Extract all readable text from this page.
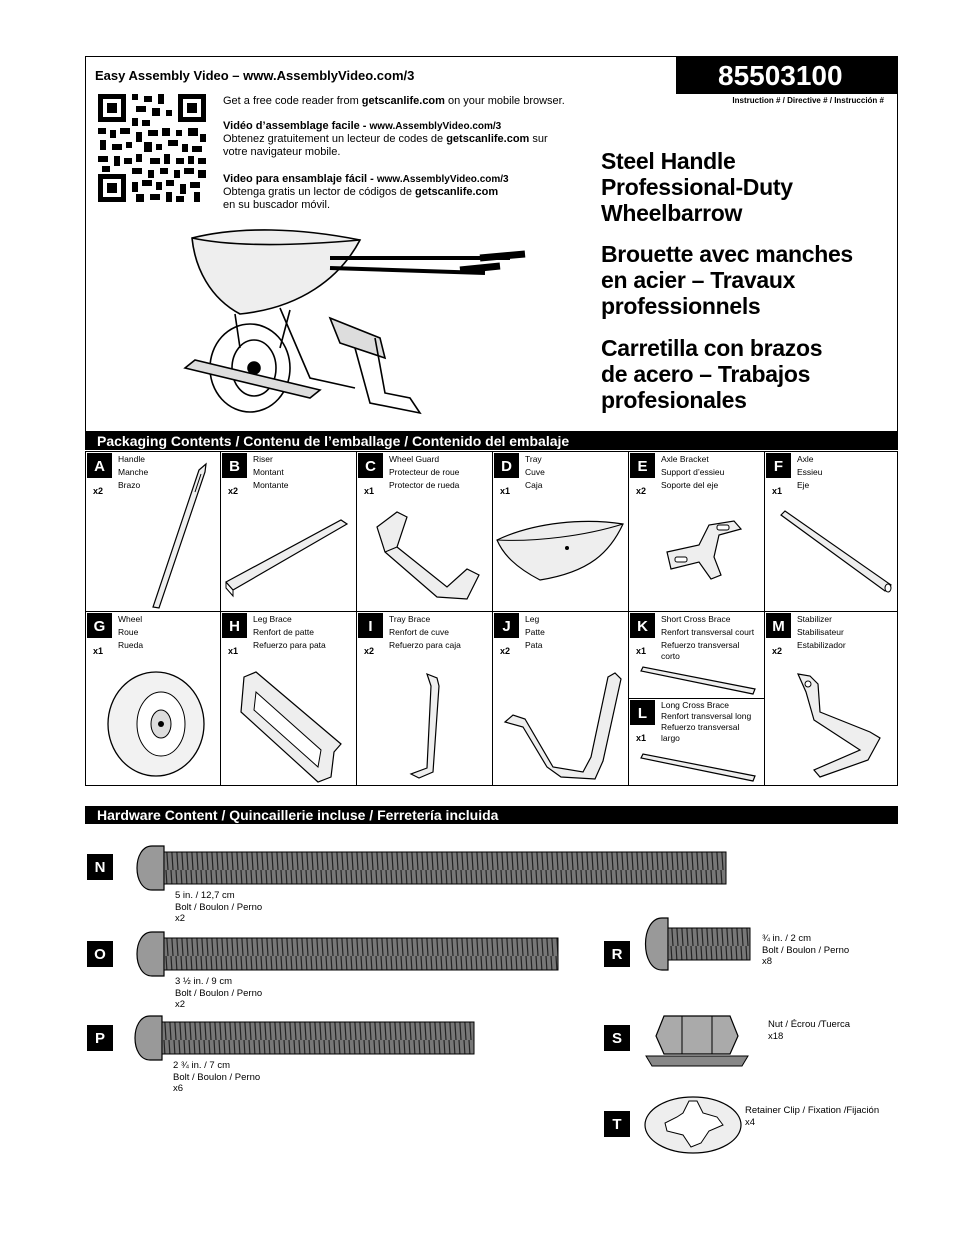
85503100
Instruction # / Directive # / Instrucción #
Easy Assembly Video – www.AssemblyVideo.com/3
Get a free code reader from getscanlife.com on your mobile browser.
Vidéo d’assemblage facile - www.AssemblyVideo.com/3
Obtenez gratuitement un lecteur de codes de getscanlife.com sur
votre navigateur mobile.
Video para ensamblaje fácil - www.AssemblyVideo.com/3
Obtenga gratis un lector de códigos de getscanlife.com
en su buscador móvil.
Steel Handle
Professional-Duty
Wheelbarrow
Brouette avec manches
en acier – Travaux
professionnels
Carretilla con brazos
de acero – Trabajos
profesionales
Packaging Contents / Contenu de l’emballage / Contenido del embalaje
A
x2
Handle
Manche
Brazo
B
x2
Riser
Montant
Montante
C
x1
Wheel Guard
Protecteur de roue
Protector de rueda
D
x1
Tray
Cuve
Caja
E
x2
Axle Bracket
Support d’essieu
Soporte del eje
F
x1
Axle
Essieu
Eje
G
x1
Wheel
Roue
Rueda
H
x1
Leg Brace
Renfort de patte
Refuerzo para pata
I
x2
Tray Brace
Renfort de cuve
Refuerzo para caja
J
x2
Leg
Patte
Pata
K
x1
Short Cross Brace
Renfort transversal court
Refuerzo transversal
corto
L
x1
Long Cross Brace
Renfort transversal long
Refuerzo transversal
largo
M
x2
Stabilizer
Stabilisateur
Estabilizador
Hardware Content / Quincaillerie incluse / Ferretería incluida
N
5 in. / 12,7 cm
Bolt / Boulon / Perno
x2
O
3 ½ in. / 9 cm
Bolt / Boulon / Perno
x2
P
2 ¾ in. / 7 cm
Bolt / Boulon / Perno
x6
R
¾ in. / 2 cm
Bolt / Boulon / Perno
x8
S
Nut / Écrou /Tuerca
x18
T
Retainer Clip / Fixation /Fijación
x4
